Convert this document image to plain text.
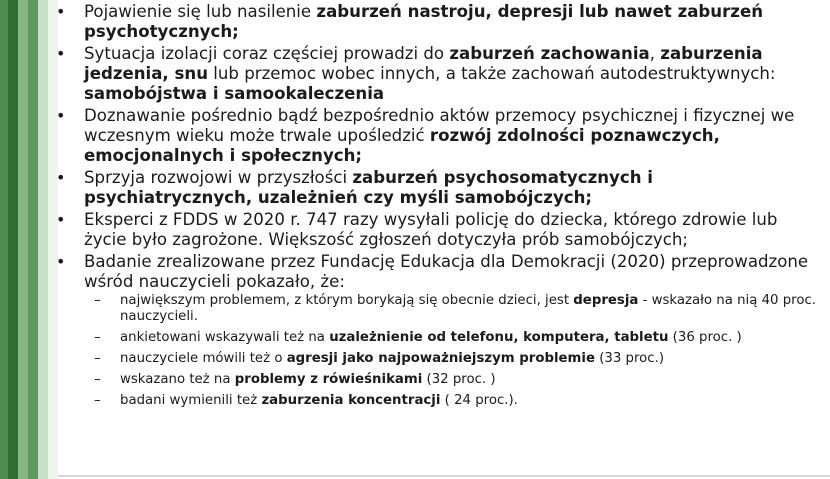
• Pojawienie się lub nasilenie zaburzeń nastroju, depresji lub nawet zaburzeń psychotycznych;
• Sytuacja izolacji coraz częściej prowadzi do zaburzeń zachowania, zaburzenia jedzenia, snu lub przemoc wobec innych, a także zachowań autodestruktywnych: samobójstwa i samookaleczenia
• Doznawanie pośrednio bądź bezpośrednio aktów przemocy psychicznej i fizycznej we wczesnym wieku może trwale upośledzić rozwój zdolności poznawczych, emocjonalnych i społecznych;
• Sprzyja rozwojowi w przyszłości zaburzeń psychosomatycznych i psychiatrycznych, uzależnień czy myśli samobójczych;
• Eksperci z FDDS w 2020 r. 747 razy wysyłali policję do dziecka, którego zdrowie lub życie było zagrożone. Większość zgłoszeń dotyczyła prób samobójczych;
• Badanie zrealizowane przez Fundację Edukacja dla Demokracji (2020) przeprowadzone wśród nauczycieli pokazało, że:
– największym problemem, z którym borykają się obecnie dzieci, jest depresja - wskazało na nią 40 proc. nauczycieli.
– ankietowani wskazywali też na uzależnienie od telefonu, komputera, tabletu (36 proc. )
– nauczyciele mówili też o agresji jako najpoważniejszym problemie (33 proc.)
– wskazano też na problemy z rówieśnikami (32 proc. )
– badani wymienili też zaburzenia koncentracji ( 24 proc.).
